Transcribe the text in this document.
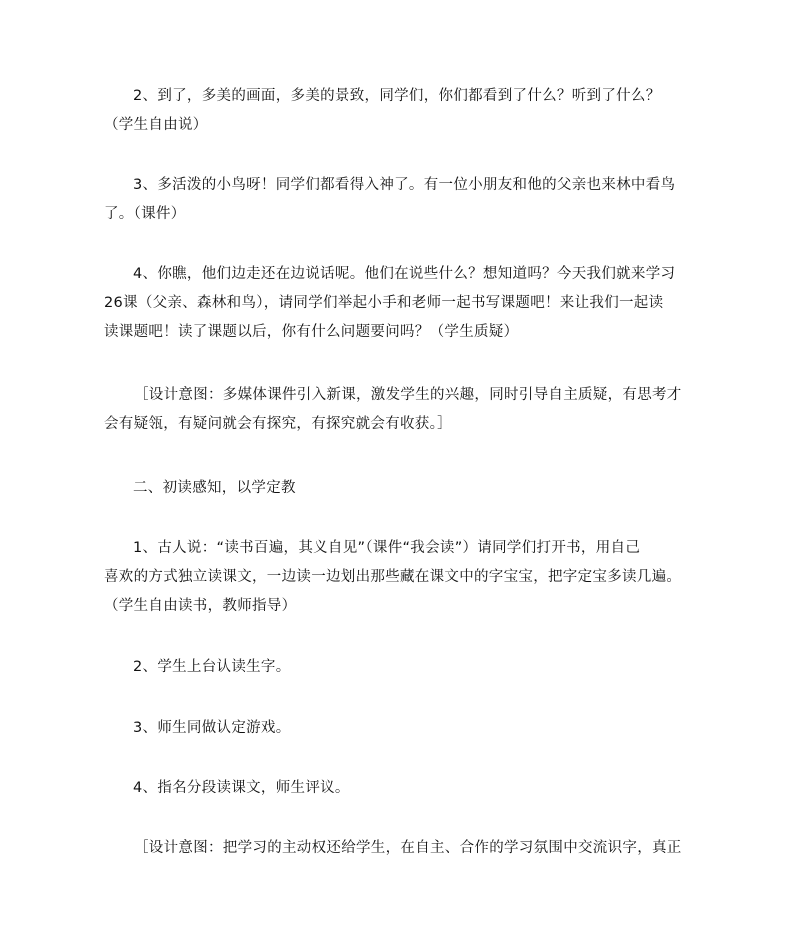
2、到了，多美的画面，多美的景致，同学们，你们都看到了什么？听到了什么？
（学生自由说）

3、多活泼的小鸟呀！同学们都看得入神了。有一位小朋友和他的父亲也来林中看鸟
了。（课件）

4、你瞧，他们边走还在边说话呢。他们在说些什么？想知道吗？今天我们就来学习
26课（父亲、森林和鸟），请同学们举起小手和老师一起书写课题吧！来让我们一起读
读课题吧！读了课题以后，你有什么问题要问吗？（学生质疑）

［设计意图：多媒体课件引入新课，激发学生的兴趣，同时引导自主质疑，有思考才
会有疑瓴，有疑问就会有探究，有探究就会有收获。］

二、初读感知，以学定教

1、古人说：“读书百遍，其义自见”（课件“我会读”）请同学们打开书，用自己
喜欢的方式独立读课文，一边读一边划出那些藏在课文中的字宝宝，把字定宝多读几遍。
（学生自由读书，教师指导）

2、学生上台认读生字。

3、师生同做认定游戏。

4、指名分段读课文，师生评议。

［设计意图：把学习的主动权还给学生，在自主、合作的学习氛围中交流识字，真正
